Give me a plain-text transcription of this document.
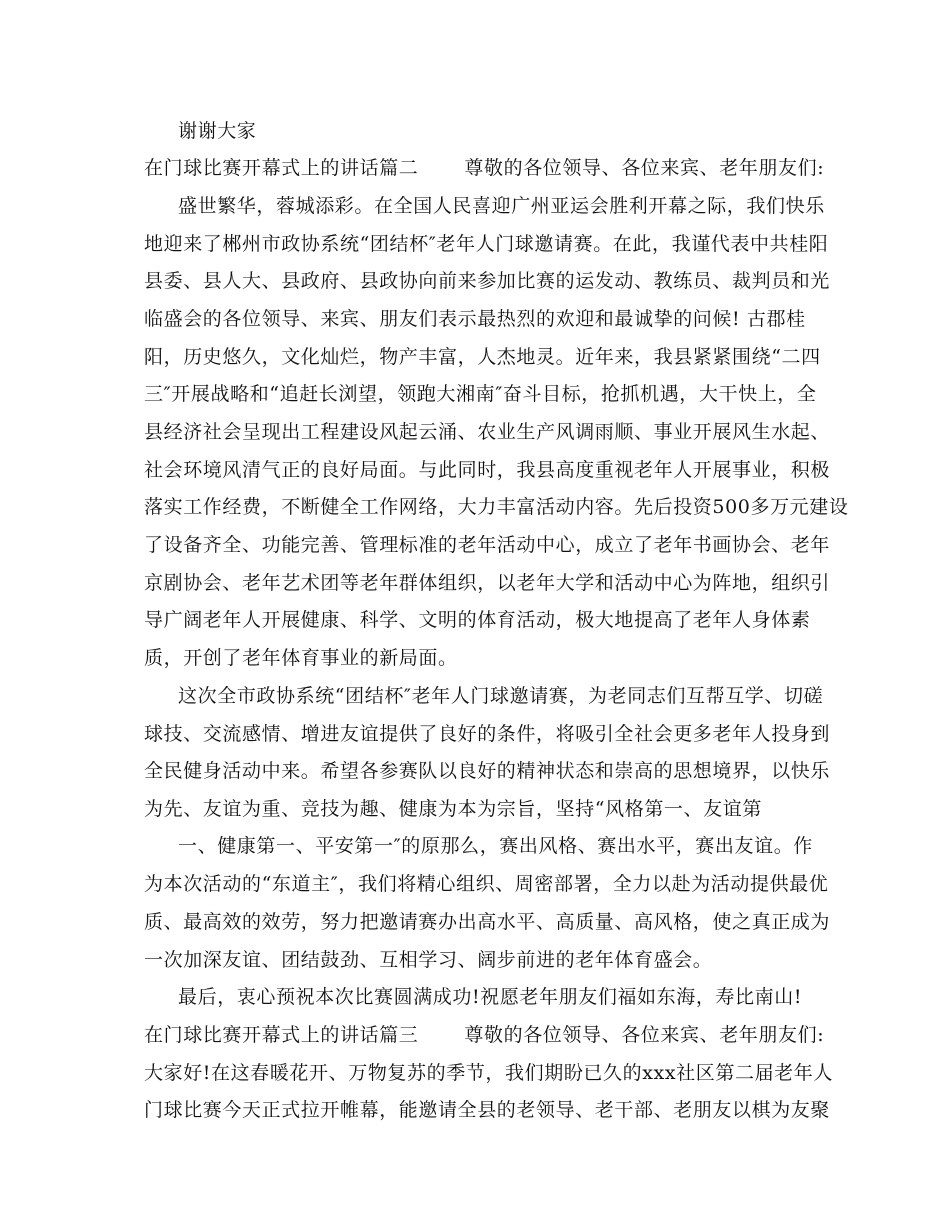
谢谢大家
在门球比赛开幕式上的讲话篇二 尊敬的各位领导、各位来宾、老年朋友们:
盛世繁华，蓉城添彩。在全国人民喜迎广州亚运会胜利开幕之际，我们快乐
地迎来了郴州市政协系统“团结杯″老年人门球邀请赛。在此，我谨代表中共桂阳
县委、县人大、县政府、县政协向前来参加比赛的运发动、教练员、裁判员和光
临盛会的各位领导、来宾、朋友们表示最热烈的欢迎和最诚挚的问候! 古郡桂
阳，历史悠久，文化灿烂，物产丰富，人杰地灵。近年来，我县紧紧围绕“二四
三″开展战略和“追赶长浏望，领跑大湘南″奋斗目标，抢抓机遇，大干快上，全
县经济社会呈现出工程建设风起云涌、农业生产风调雨顺、事业开展风生水起、
社会环境风清气正的良好局面。与此同时，我县高度重视老年人开展事业，积极
落实工作经费，不断健全工作网络，大力丰富活动内容。先后投资500多万元建设
了设备齐全、功能完善、管理标准的老年活动中心，成立了老年书画协会、老年
京剧协会、老年艺术团等老年群体组织，以老年大学和活动中心为阵地，组织引
导广阔老年人开展健康、科学、文明的体育活动，极大地提高了老年人身体素
质，开创了老年体育事业的新局面。
这次全市政协系统“团结杯″老年人门球邀请赛，为老同志们互帮互学、切磋
球技、交流感情、增进友谊提供了良好的条件，将吸引全社会更多老年人投身到
全民健身活动中来。希望各参赛队以良好的精神状态和崇高的思想境界，以快乐
为先、友谊为重、竞技为趣、健康为本为宗旨，坚持“风格第一、友谊第
一、健康第一、平安第一″的原那么，赛出风格、赛出水平，赛出友谊。作
为本次活动的“东道主″，我们将精心组织、周密部署，全力以赴为活动提供最优
质、最高效的效劳，努力把邀请赛办出高水平、高质量、高风格，使之真正成为
一次加深友谊、团结鼓劲、互相学习、阔步前进的老年体育盛会。
最后，衷心预祝本次比赛圆满成功!祝愿老年朋友们福如东海，寿比南山!
在门球比赛开幕式上的讲话篇三 尊敬的各位领导、各位来宾、老年朋友们:
大家好!在这春暖花开、万物复苏的季节，我们期盼已久的xxx社区第二届老年人
门球比赛今天正式拉开帷幕，能邀请全县的老领导、老干部、老朋友以棋为友聚
